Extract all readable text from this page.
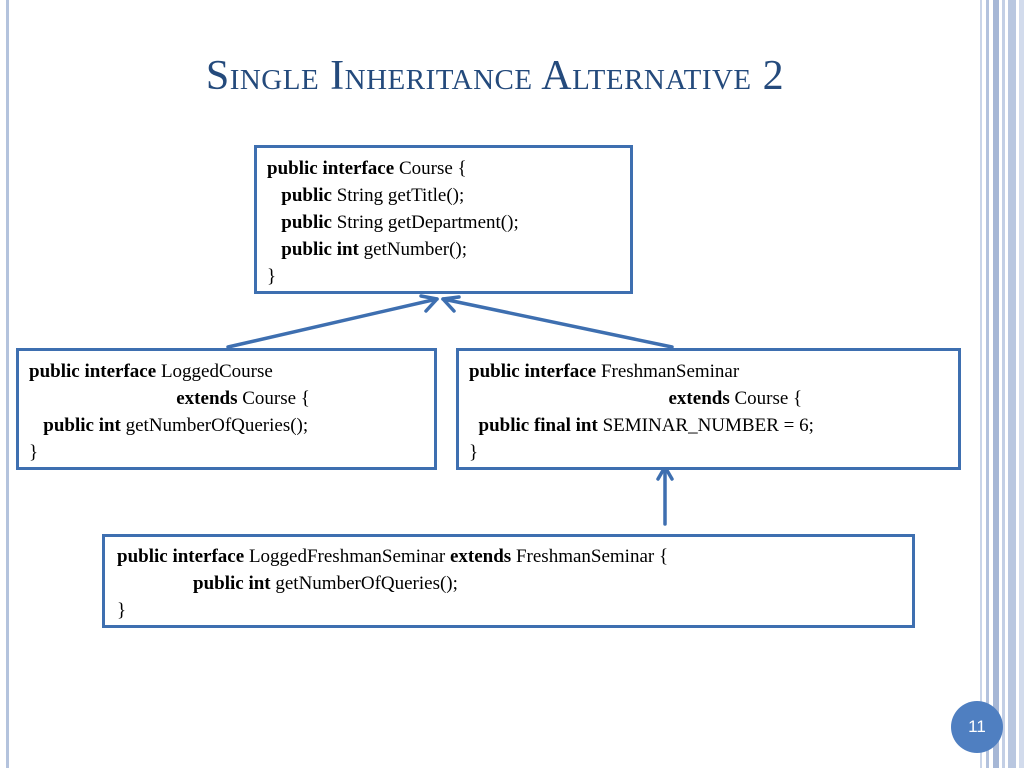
Single Inheritance Alternative 2
public interface Course {
public String getTitle();
public String getDepartment();
public int getNumber();
}
public interface LoggedCourse
extends Course {
public int getNumberOfQueries();
}
public interface FreshmanSeminar
extends Course {
public final int SEMINAR_NUMBER = 6;
}
public interface LoggedFreshmanSeminar extends FreshmanSeminar {
public int getNumberOfQueries();
}
11
